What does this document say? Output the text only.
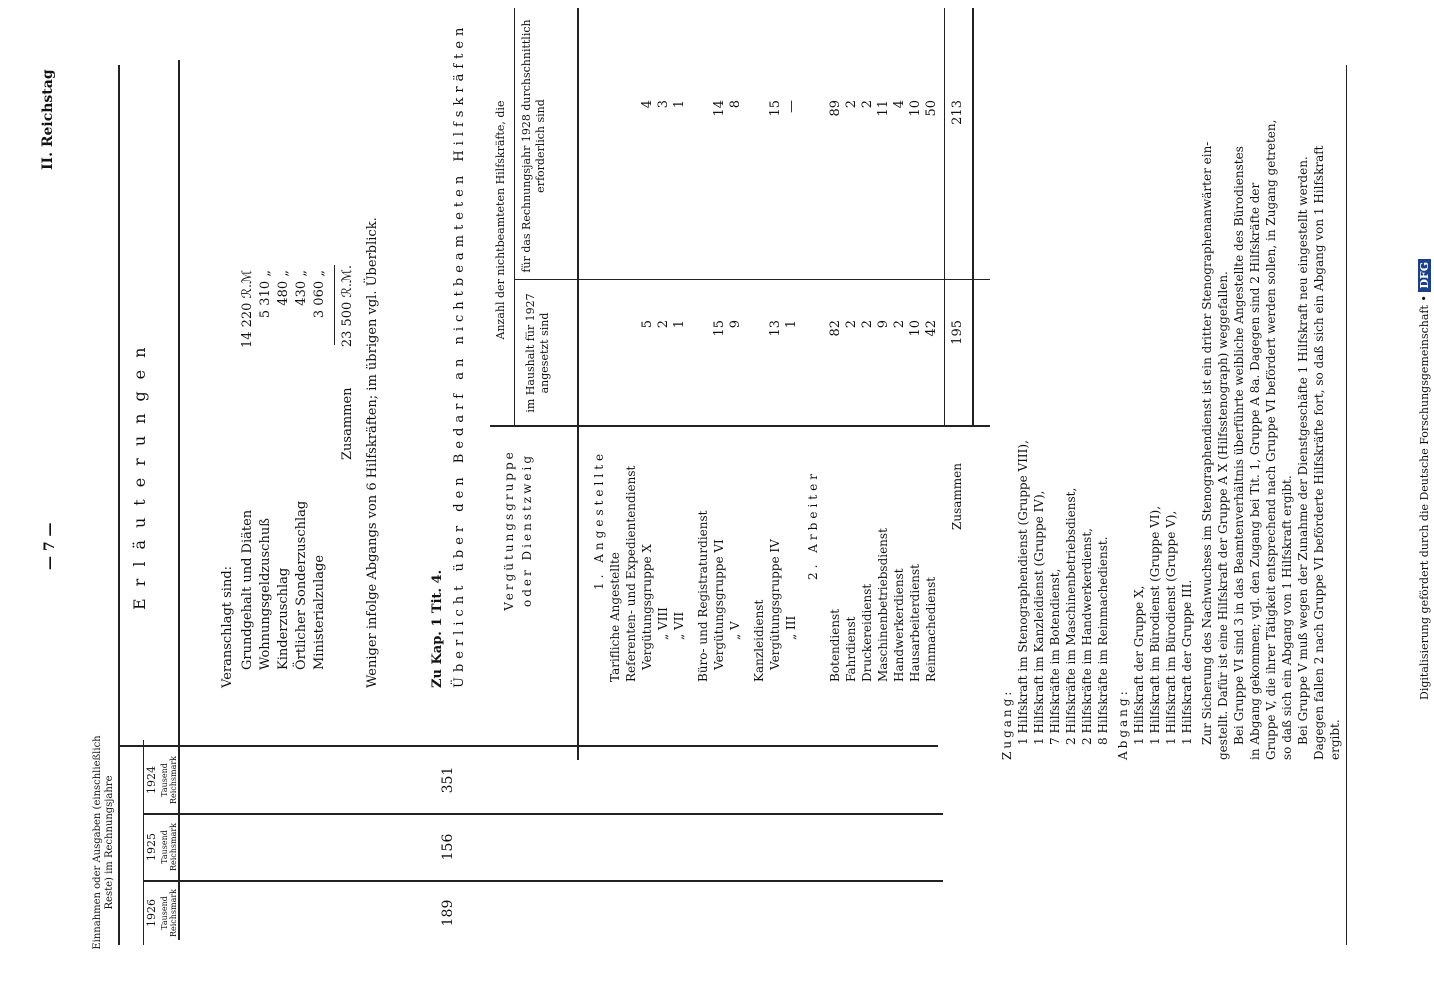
— 7 —
II. Reichstag
Einnahmen oder Ausgaben (einschließlich Reste) im Rechnungsjahre
1926
1925
1924
Tausend Reichsmark
Tausend Reichsmark
Tausend Reichsmark
189
156
351
Erläuterungen
Veranschlagt sind: Grundgehalt und Diäten
14 220 ℛ.ℳ
Wohnungsgeldzuschuß
5 310 „
Kinderzuschlag
480 „
Örtlicher Sonderzuschlag
430 „
Ministerialzulage
3 060 „
Zusammen
23 500 ℛ.ℳ. Weniger infolge Abgangs von 6 Hilfskräften; im übrigen vgl. Überblick.	Zu Kap. 1 Tit. 4. Überlicht über den Bedarf an nichtbeamteten Hilfskräften	Vergütungsgruppe oder Dienstzweig
Anzahl der nichtbeamteten Hilfskräfte, die
im Haushalt für 1927 angesetzt sind
für das Rechnungsjahr 1928 durchschnittlich erforderlich sind
1. Angestellte
Tarifliche Angestellte Referenten- und Expedientendienst Vergütungsgruppe X
5
4
„ VIII
2
3
„ VII
1
1
Büro- und Registraturdienst Vergütungsgruppe VI
15
14
„ V
9
8
Kanzleidienst Vergütungsgruppe IV
13
15
„ III
1
—
2. Arbeiter
Botendienst
82
89
Fahrdienst
2
2
Druckereidienst
2
2
Maschinenbetriebsdienst
9
11
Handwerkerdienst
2
4
Hausarbeiterdienst
10
10
Reinmachedienst
42
50
Zusammen
195
213
Zugang: 1 Hilfskraft im Stenographendienst (Gruppe VIII), 1 Hilfskraft im Kanzleidienst (Gruppe IV), 7 Hilfskräfte im Botendienst, 2 Hilfskräfte im Maschinenbetriebsdienst, 2 Hilfskräfte im Handwerkerdienst, 8 Hilfskräfte im Reinmachedienst. Abgang: 1 Hilfskraft der Gruppe X, 1 Hilfskraft im Bürodienst (Gruppe VI), 1 Hilfskraft im Bürodienst (Gruppe V), 1 Hilfskraft der Gruppe III. Zur Sicherung des Nachwuchses im Stenographendienst ist ein dritter Stenographenanwärter ein- gestellt. Dafür ist eine Hilfskraft der Gruppe A X (Hilfsstenograph) weggefallen. Bei Gruppe VI sind 3 in das Beamtenverhältnis überführte weibliche Angestellte des Bürodienstes in Abgang gekommen; vgl. den Zugang bei Tit. 1, Gruppe A 8a. Dagegen sind 2 Hilfskräfte der Gruppe V, die ihrer Tätigkeit entsprechend nach Gruppe VI befördert werden sollen, in Zugang getreten, so daß sich ein Abgang von 1 Hilfskraft ergibt. Bei Gruppe V muß wegen der Zunahme der Dienstgeschäfte 1 Hilfskraft neu eingestellt werden. Dagegen fallen 2 nach Gruppe VI beförderte Hilfskräfte fort, so daß sich ein Abgang von 1 Hilfskraft ergibt.
Digitalisierung gefördert durch die Deutsche Forschungsgemeinschaft • DFG
